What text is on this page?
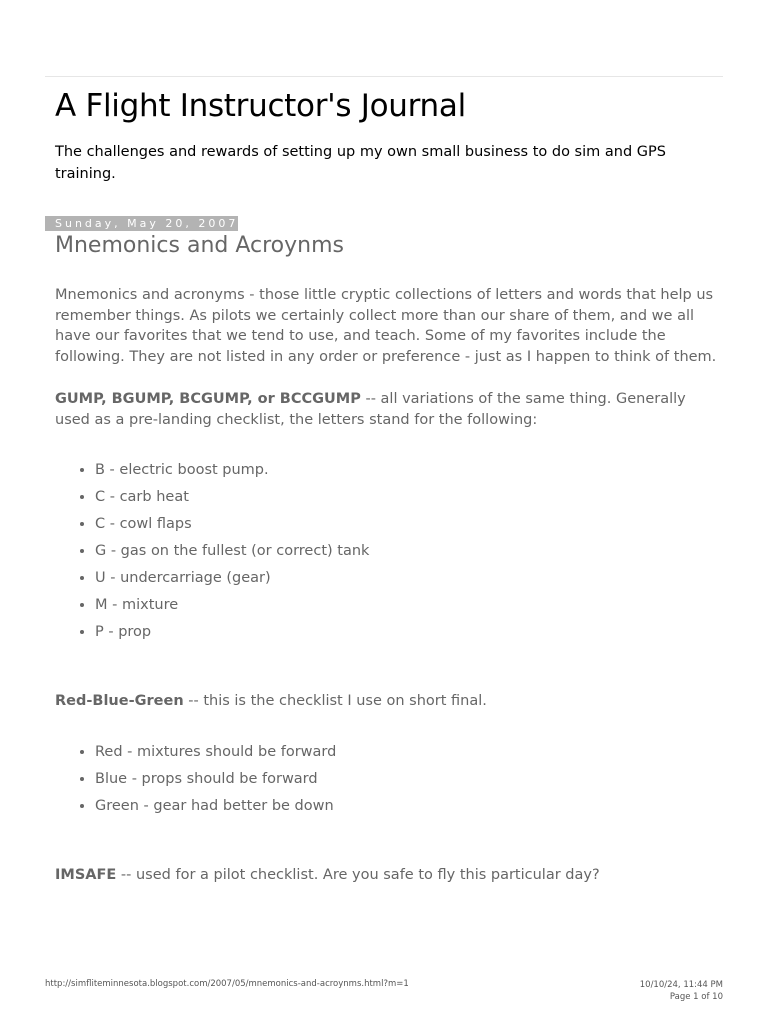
A Flight Instructor's Journal

The challenges and rewards of setting up my own small business to do sim and GPS training.

Sunday, May 20, 2007
Mnemonics and Acroynms

Mnemonics and acronyms - those little cryptic collections of letters and words that help us remember things. As pilots we certainly collect more than our share of them, and we all have our favorites that we tend to use, and teach. Some of my favorites include the following. They are not listed in any order or preference - just as I happen to think of them.

GUMP, BGUMP, BCGUMP, or BCCGUMP -- all variations of the same thing. Generally used as a pre-landing checklist, the letters stand for the following:

• B - electric boost pump.
• C - carb heat
• C - cowl flaps
• G - gas on the fullest (or correct) tank
• U - undercarriage (gear)
• M - mixture
• P - prop

Red-Blue-Green -- this is the checklist I use on short final.

• Red - mixtures should be forward
• Blue - props should be forward
• Green - gear had better be down

IMSAFE -- used for a pilot checklist. Are you safe to fly this particular day?

http://simfliteminnesota.blogspot.com/2007/05/mnemonics-and-acroynms.html?m=1	10/10/24, 11:44 PM
Page 1 of 10
